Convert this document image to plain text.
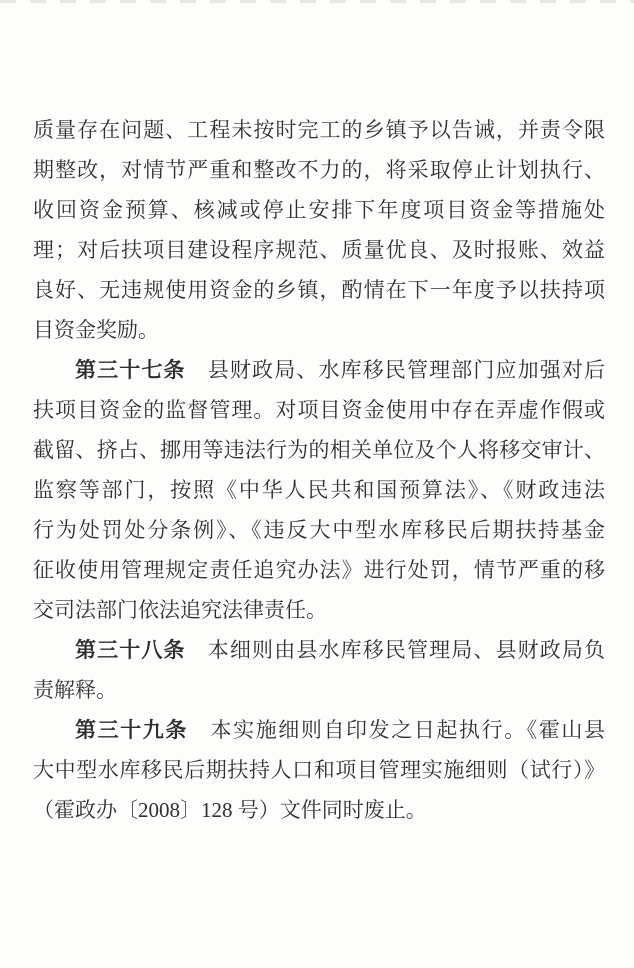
质量存在问题、工程未按时完工的乡镇予以告诫，并责令限
期整改，对情节严重和整改不力的，将采取停止计划执行、
收回资金预算、核减或停止安排下年度项目资金等措施处
理；对后扶项目建设程序规范、质量优良、及时报账、效益
良好、无违规使用资金的乡镇，酌情在下一年度予以扶持项
目资金奖励。
第三十七条　 县财政局、水库移民管理部门应加强对后
扶项目资金的监督管理。对项目资金使用中存在弄虚作假或
截留、挤占、挪用等违法行为的相关单位及个人将移交审计、
监察等部门，按照《中华人民共和国预算法》、《财政违法
行为处罚处分条例》、《违反大中型水库移民后期扶持基金
征收使用管理规定责任追究办法》进行处罚，情节严重的移
交司法部门依法追究法律责任。
第三十八条　 本细则由县水库移民管理局、县财政局负
责解释。
第三十九条　 本实施细则自印发之日起执行。《霍山县
大中型水库移民后期扶持人口和项目管理实施细则（试行）》
（霍政办〔2008〕128 号）文件同时废止。
